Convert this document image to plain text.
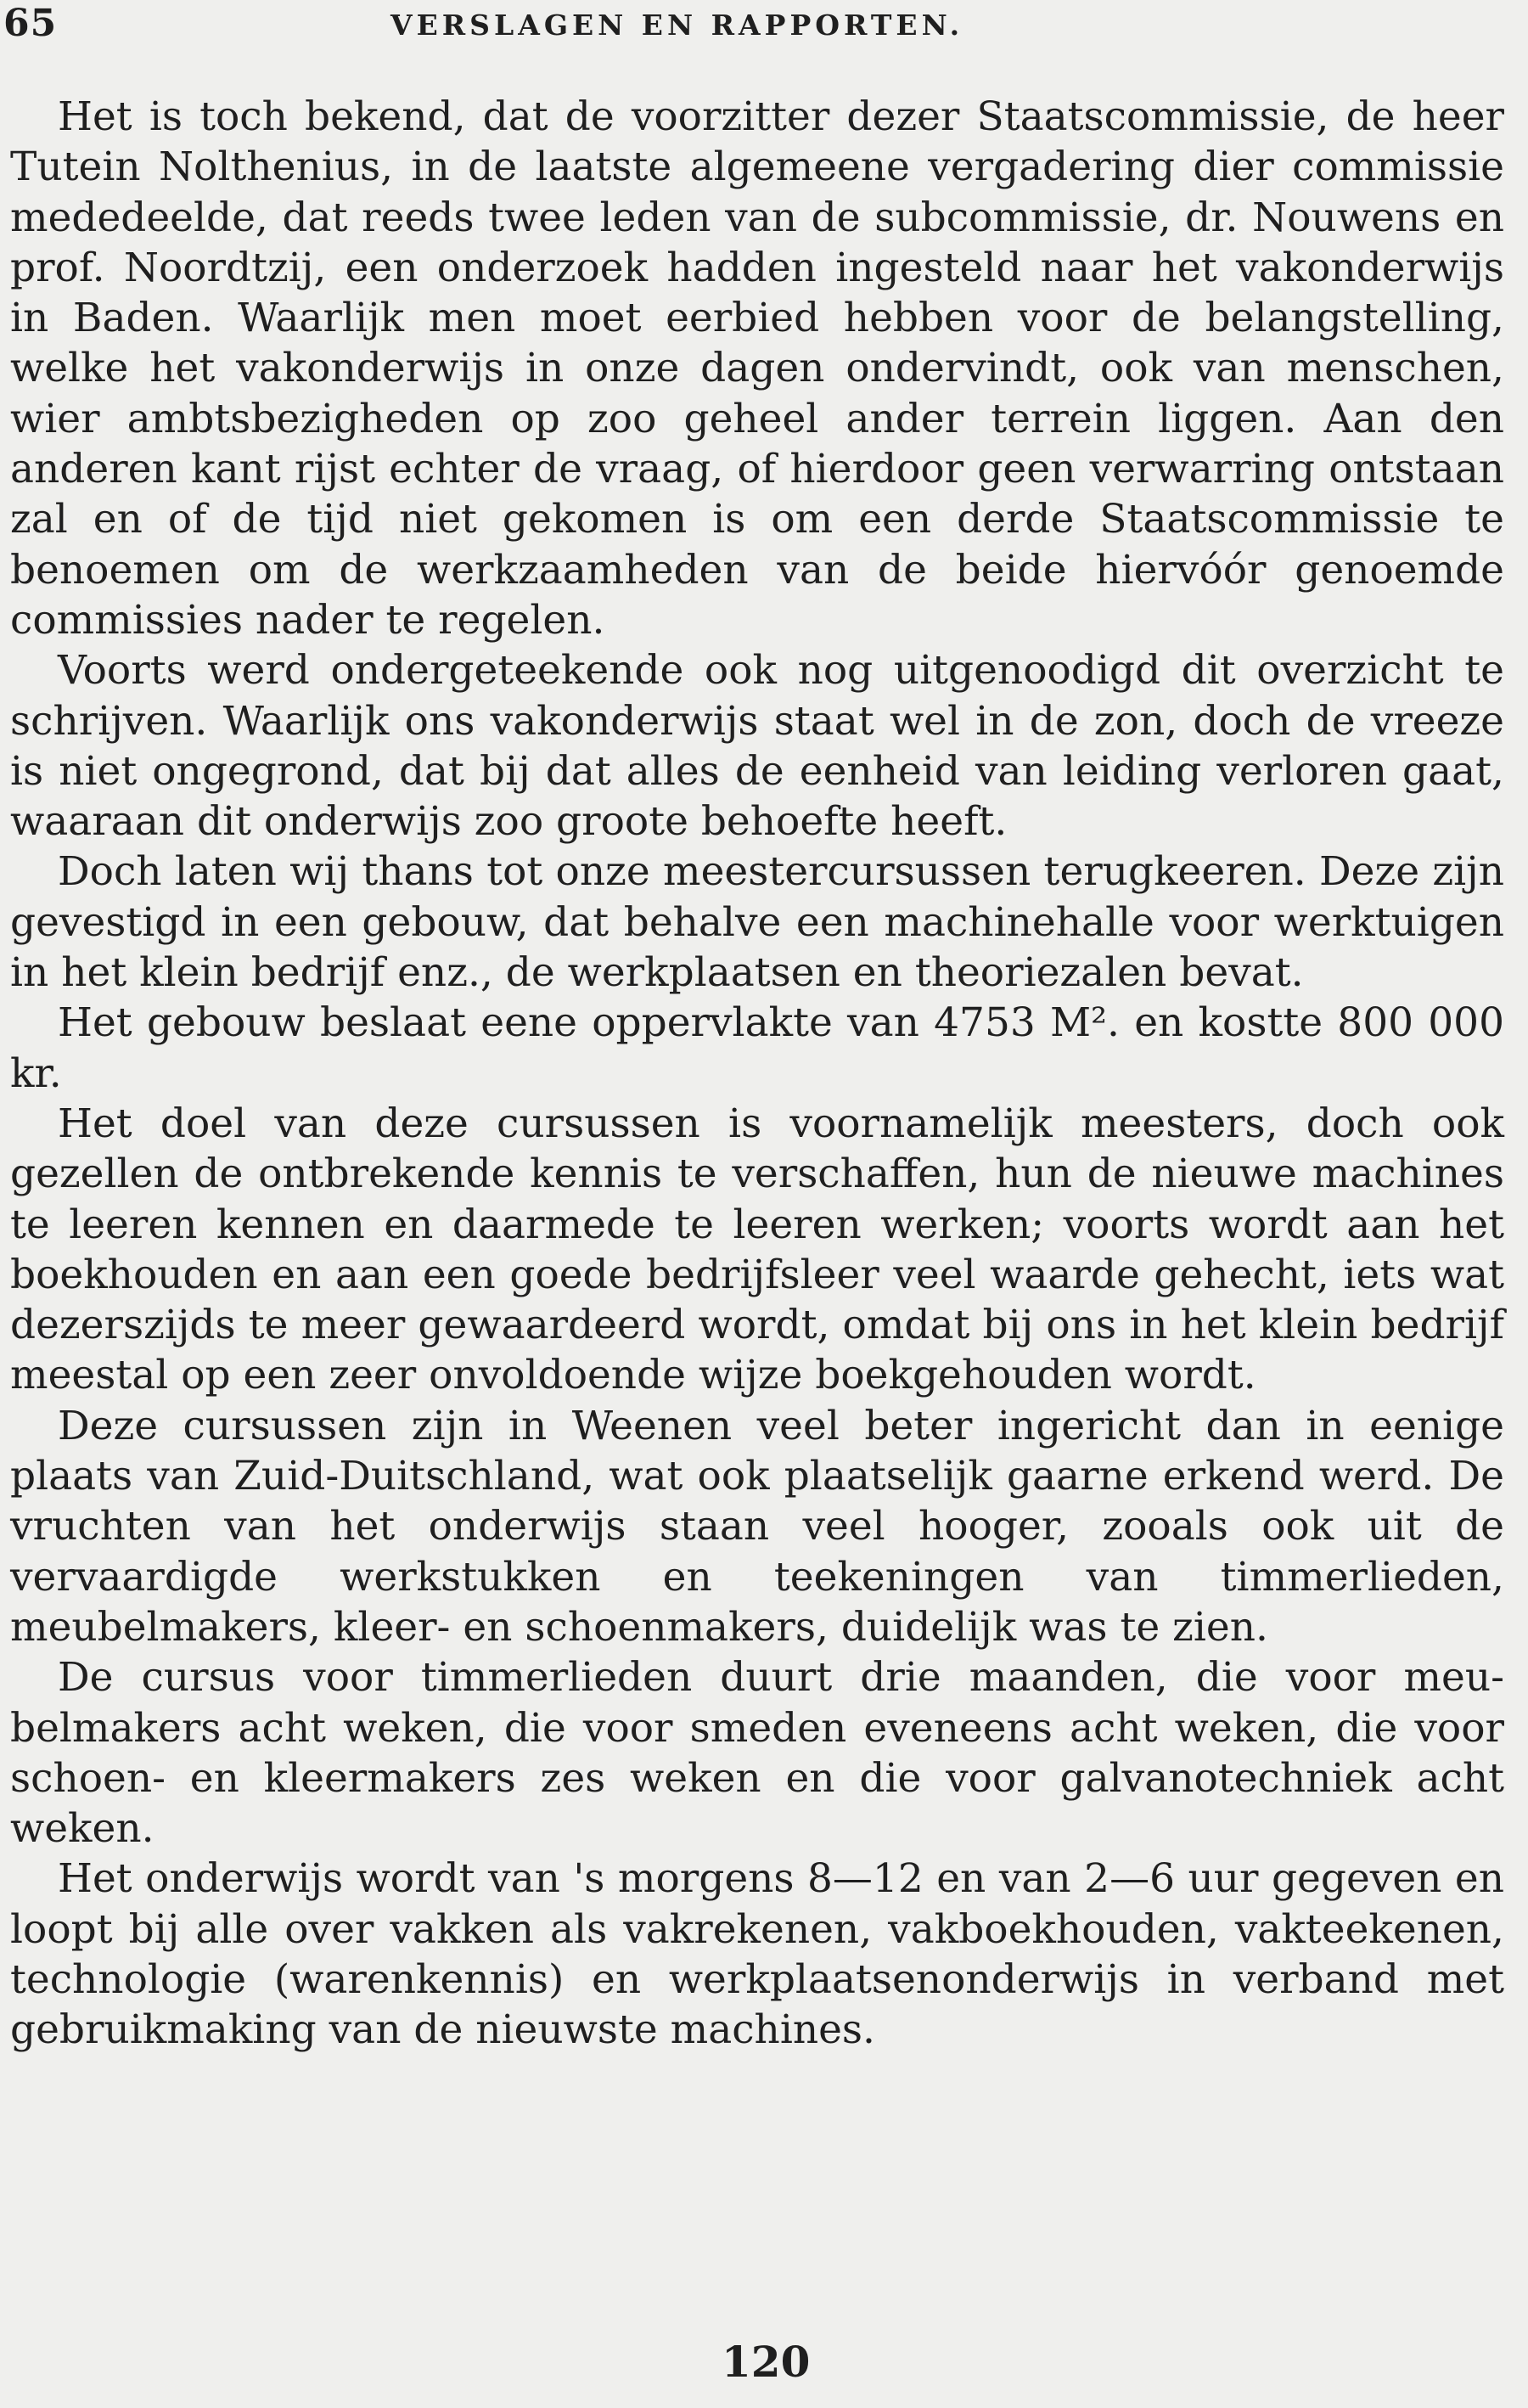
65	VERSLAGEN EN RAPPORTEN.

Het is toch bekend, dat de voorzitter dezer Staatscommissie, de heer Tutein Nolthenius, in de laatste algemeene vergadering dier commissie mededeelde, dat reeds twee leden van de subcommissie, dr. Nouwens en prof. Noordtzij, een onderzoek hadden ingesteld naar het vakonderwijs in Baden. Waarlijk men moet eerbied hebben voor de belangstelling, welke het vakonderwijs in onze dagen ondervindt, ook van menschen, wier ambtsbezigheden op zoo geheel ander terrein liggen. Aan den anderen kant rijst echter de vraag, of hierdoor geen verwarring ontstaan zal en of de tijd niet gekomen is om een derde Staatscommissie te benoemen om de werkzaamheden van de beide hiervóór genoemde commissies nader te regelen.

Voorts werd ondergeteekende ook nog uitgenoodigd dit overzicht te schrijven. Waarlijk ons vakonderwijs staat wel in de zon, doch de vreeze is niet ongegrond, dat bij dat alles de eenheid van leiding verloren gaat, waaraan dit onderwijs zoo groote behoefte heeft.

Doch laten wij thans tot onze meestercursussen terugkeeren. Deze zijn gevestigd in een gebouw, dat behalve een machinehalle voor werktuigen in het klein bedrijf enz., de werkplaatsen en theoriezalen bevat.

Het gebouw beslaat eene oppervlakte van 4753 M². en kostte 800 000 kr.

Het doel van deze cursussen is voornamelijk meesters, doch ook gezellen de ontbrekende kennis te verschaffen, hun de nieuwe machines te leeren kennen en daarmede te leeren werken; voorts wordt aan het boekhouden en aan een goede bedrijfsleer veel waarde gehecht, iets wat dezerszijds te meer gewaardeerd wordt, omdat bij ons in het klein bedrijf meestal op een zeer onvoldoende wijze boekgehouden wordt.

Deze cursussen zijn in Weenen veel beter ingericht dan in eenige plaats van Zuid-Duitschland, wat ook plaatselijk gaarne erkend werd. De vruchten van het onderwijs staan veel hooger, zooals ook uit de vervaardigde werkstukken en teekeningen van timmerlieden, meubelmakers, kleer- en schoenmakers, duidelijk was te zien.

De cursus voor timmerlieden duurt drie maanden, die voor meubelmakers acht weken, die voor smeden eveneens acht weken, die voor schoen- en kleermakers zes weken en die voor galvanotechniek acht weken.

Het onderwijs wordt van 's morgens 8—12 en van 2—6 uur gegeven en loopt bij alle over vakken als vakrekenen, vakboekhouden, vakteekenen, technologie (warenkennis) en werkplaatsenonderwijs in verband met gebruikmaking van de nieuwste machines.

120
